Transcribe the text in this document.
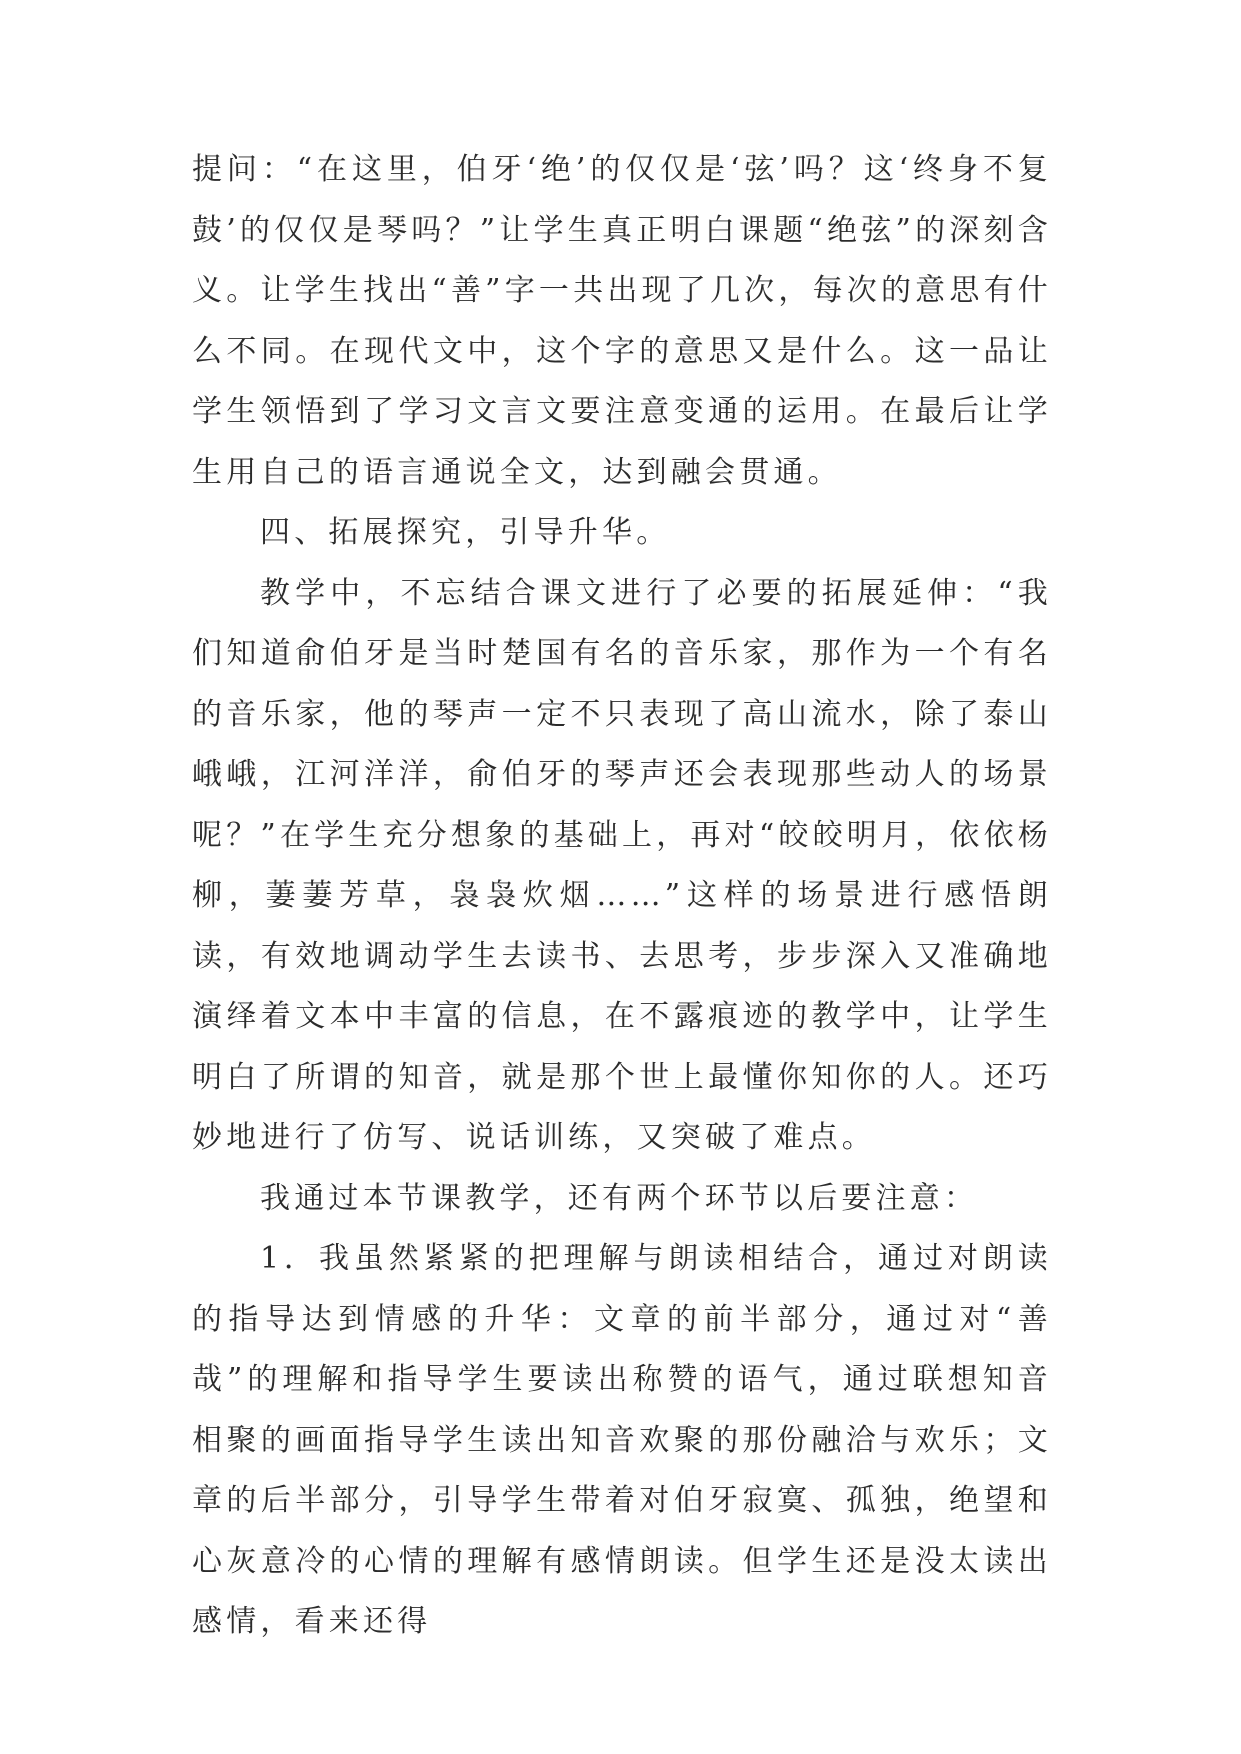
提问：“在这里，伯牙‘绝’的仅仅是‘弦’吗？这‘终身不复鼓’的仅仅是琴吗？”让学生真正明白课题“绝弦”的深刻含义。让学生找出“善”字一共出现了几次，每次的意思有什么不同。在现代文中，这个字的意思又是什么。这一品让学生领悟到了学习文言文要注意变通的运用。在最后让学生用自己的语言通说全文，达到融会贯通。

四、拓展探究，引导升华。

教学中，不忘结合课文进行了必要的拓展延伸：“我们知道俞伯牙是当时楚国有名的音乐家，那作为一个有名的音乐家，他的琴声一定不只表现了高山流水，除了泰山峨峨，江河洋洋，俞伯牙的琴声还会表现那些动人的场景呢？”在学生充分想象的基础上，再对“皎皎明月，依依杨柳，萋萋芳草，袅袅炊烟……”这样的场景进行感悟朗读，有效地调动学生去读书、去思考，步步深入又准确地演绎着文本中丰富的信息，在不露痕迹的教学中，让学生明白了所谓的知音，就是那个世上最懂你知你的人。还巧妙地进行了仿写、说话训练，又突破了难点。

我通过本节课教学，还有两个环节以后要注意：

1．我虽然紧紧的把理解与朗读相结合，通过对朗读的指导达到情感的升华：文章的前半部分，通过对“善哉”的理解和指导学生要读出称赞的语气，通过联想知音相聚的画面指导学生读出知音欢聚的那份融洽与欢乐；文章的后半部分，引导学生带着对伯牙寂寞、孤独，绝望和心灰意冷的心情的理解有感情朗读。但学生还是没太读出感情，看来还得
